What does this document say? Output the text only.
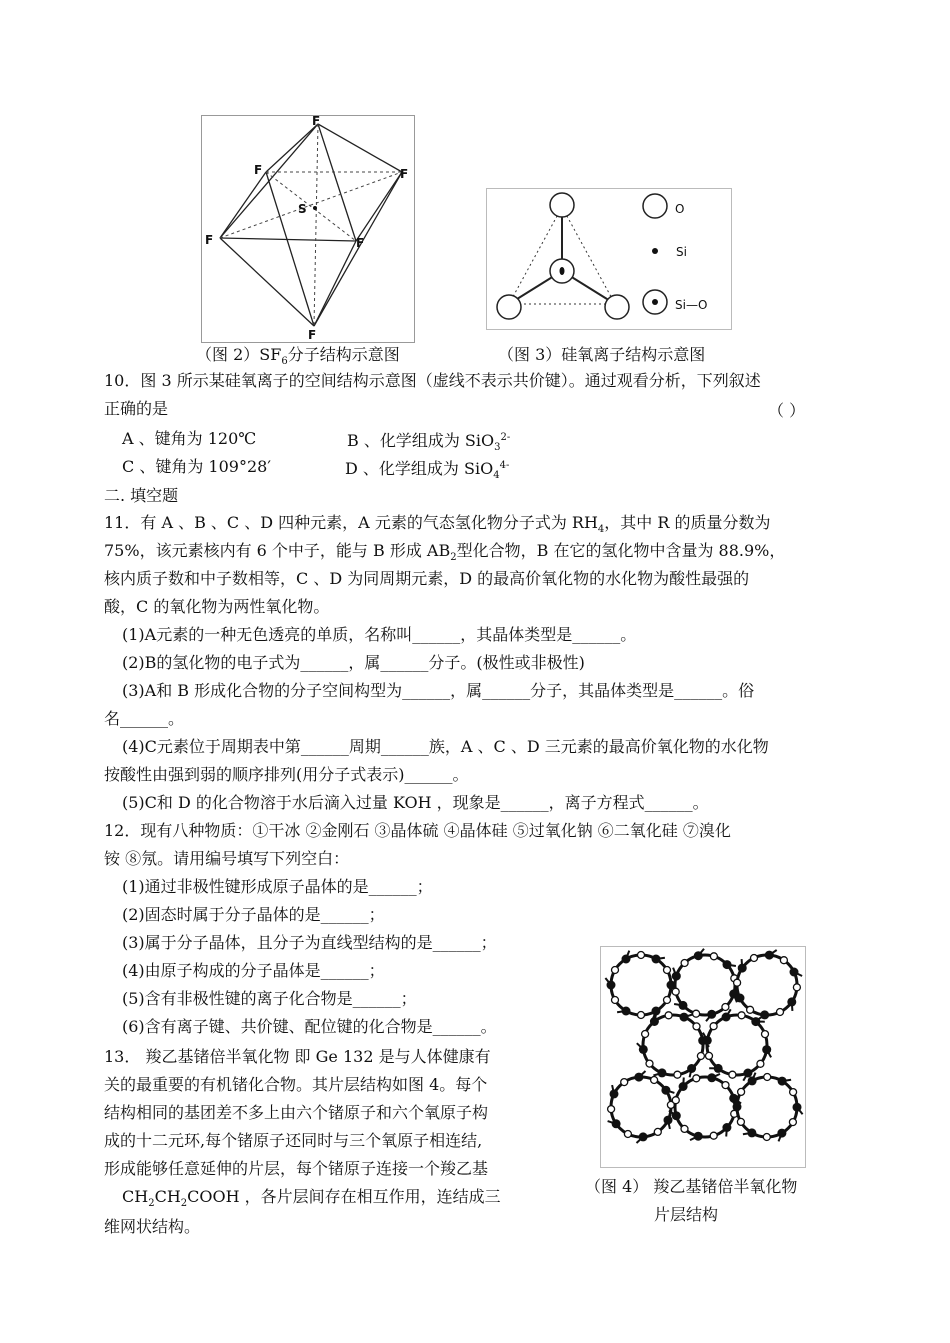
F
F	F
F	F
F
S
（图 $2)SF_6$分子结构示意图
O
Si
Si—O
（图 3）硅氧离子结构示意图
10．图 3 所示某硅氧离子的空间结构示意图（虚线不表示共价键）。通过观看分析，下列叙述
正确的是	（ ）
A 、键角为 120℃	B 、化学组成为 SiO$_3^{2-}$
C 、键角为 109°28′	D 、化学组成为 SiO$_4^{4-}$
二. 填空题
11．有 A 、B 、C 、D 四种元素，A 元素的气态氢化物分子式为 $RH_4$，其中 R 的质量分数为
75%，该元素核内有 6 个中子，能与 B 形成 $AB_2$型化合物，B 在它的氢化物中含量为 88.9%，
核内质子数和中子数相等，C 、D 为同周期元素，D 的最高价氧化物的水化物为酸性最强的
酸，C 的氧化物为两性氧化物。
(1)A元素的一种无色透亮的单质，名称叫______，其晶体类型是______。
(2)B的氢化物的电子式为______，属______分子。(极性或非极性)
(3)A和 B 形成化合物的分子空间构型为______，属______分子，其晶体类型是______。俗
名______。
(4)C元素位于周期表中第______周期______族，A 、C 、D 三元素的最高价氧化物的水化物
按酸性由强到弱的顺序排列(用分子式表示)______。
(5)C和 D 的化合物溶于水后滴入过量 KOH ，现象是______，离子方程式______。
12．现有八种物质：①干冰 ②金刚石 ③晶体硫 ④晶体硅 ⑤过氧化钠 ⑥二氧化硅 ⑦溴化
铵 ⑧氖。请用编号填写下列空白：
(1)通过非极性键形成原子晶体的是______；
(2)固态时属于分子晶体的是______；
(3)属于分子晶体，且分子为直线型结构的是______；
(4)由原子构成的分子晶体是______；
(5)含有非极性键的离子化合物是______；
(6)含有离子键、共价键、配位键的化合物是______。
13． 羧乙基锗倍半氧化物 即 Ge 132 是与人体健康有
关的最重要的有机锗化合物。其片层结构如图 4。每个
结构相同的基团差不多上由六个锗原子和六个氧原子构
成的十二元环,每个锗原子还同时与三个氧原子相连结,
形成能够任意延伸的片层，每个锗原子连接一个羧乙基
$CH_2CH_2COOH$ ，各片层间存在相互作用，连结成三
维网状结构。
（图 4） 羧乙基锗倍半氧化物
片层结构
